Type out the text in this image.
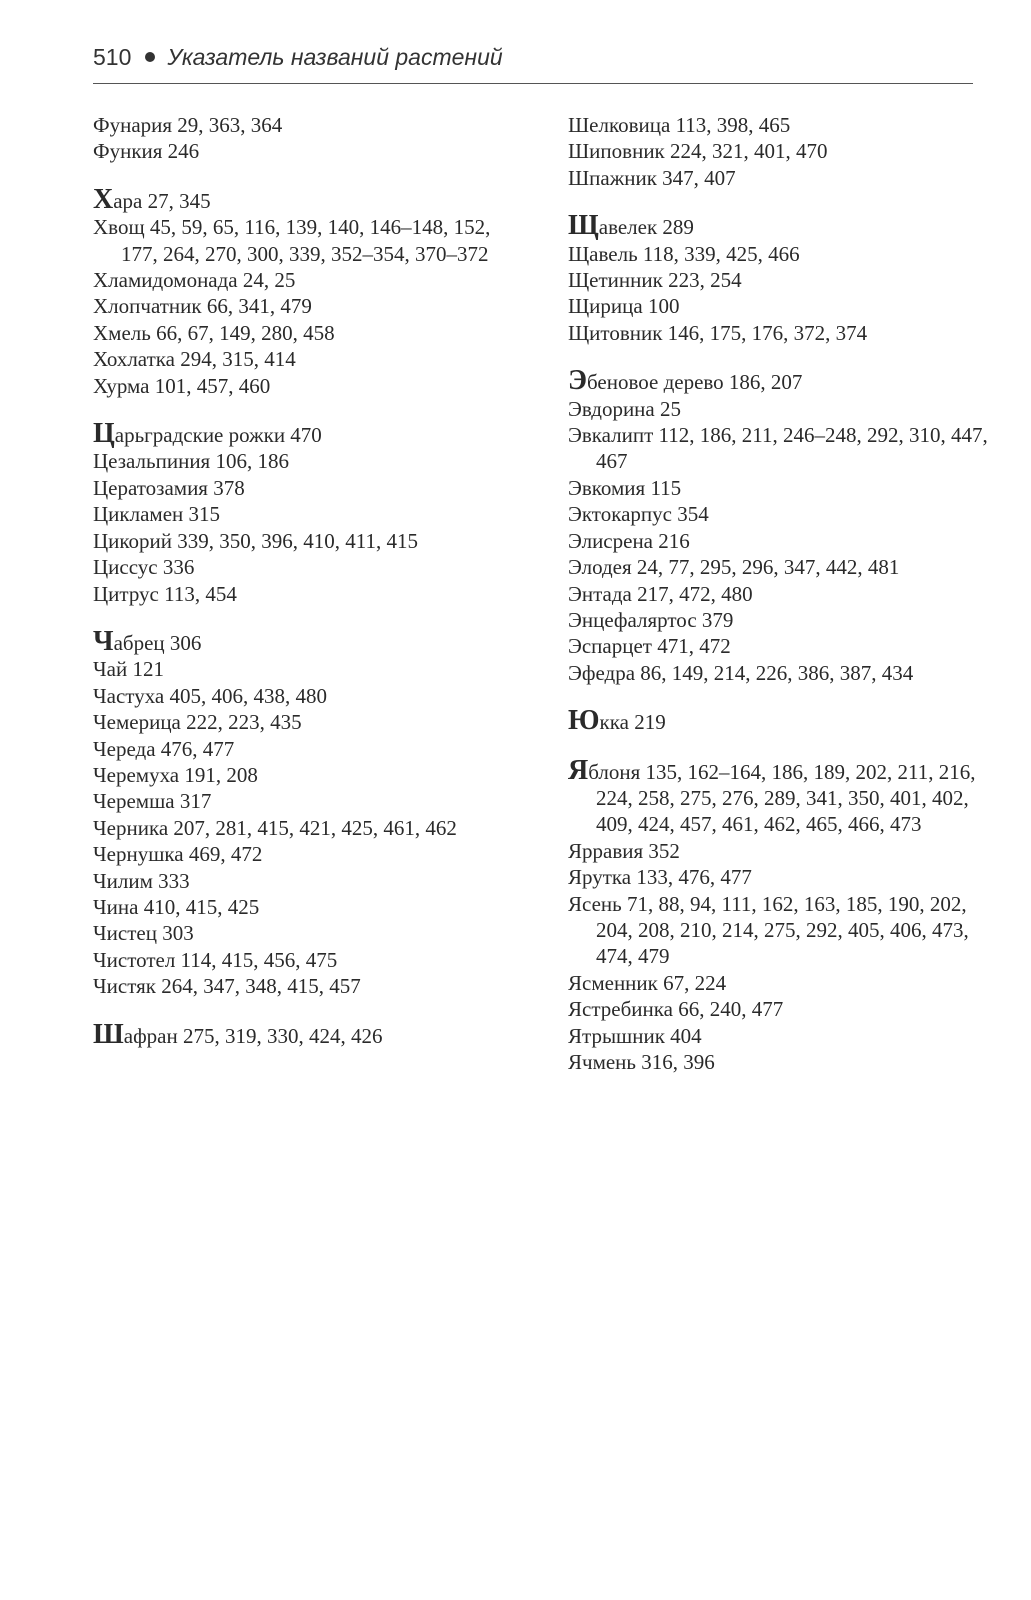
510 Указатель названий растений
Фунария 29, 363, 364
Функия 246
Хара 27, 345
Хвощ 45, 59, 65, 116, 139, 140, 146–148, 152, 177, 264, 270, 300, 339, 352–354, 370–372
Хламидомонада 24, 25
Хлопчатник 66, 341, 479
Хмель 66, 67, 149, 280, 458
Хохлатка 294, 315, 414
Хурма 101, 457, 460
Царьградские рожки 470
Цезальпиния 106, 186
Цератозамия 378
Цикламен 315
Цикорий 339, 350, 396, 410, 411, 415
Циссус 336
Цитрус 113, 454
Чабрец 306
Чай 121
Частуха 405, 406, 438, 480
Чемерица 222, 223, 435
Череда 476, 477
Черемуха 191, 208
Черемша 317
Черника 207, 281, 415, 421, 425, 461, 462
Чернушка 469, 472
Чилим 333
Чина 410, 415, 425
Чистец 303
Чистотел 114, 415, 456, 475
Чистяк 264, 347, 348, 415, 457
Шафран 275, 319, 330, 424, 426
Шелковица 113, 398, 465
Шиповник 224, 321, 401, 470
Шпажник 347, 407
Щавелек 289
Щавель 118, 339, 425, 466
Щетинник 223, 254
Щирица 100
Щитовник 146, 175, 176, 372, 374
Эбеновое дерево 186, 207
Эвдорина 25
Эвкалипт 112, 186, 211, 246–248, 292, 310, 447, 467
Эвкомия 115
Эктокарпус 354
Элисрена 216
Элодея 24, 77, 295, 296, 347, 442, 481
Энтада 217, 472, 480
Энцефаляртос 379
Эспарцет 471, 472
Эфедра 86, 149, 214, 226, 386, 387, 434
Юкка 219
Яблоня 135, 162–164, 186, 189, 202, 211, 216, 224, 258, 275, 276, 289, 341, 350, 401, 402, 409, 424, 457, 461, 462, 465, 466, 473
Ярравия 352
Ярутка 133, 476, 477
Ясень 71, 88, 94, 111, 162, 163, 185, 190, 202, 204, 208, 210, 214, 275, 292, 405, 406, 473, 474, 479
Ясменник 67, 224
Ястребинка 66, 240, 477
Ятрышник 404
Ячмень 316, 396
